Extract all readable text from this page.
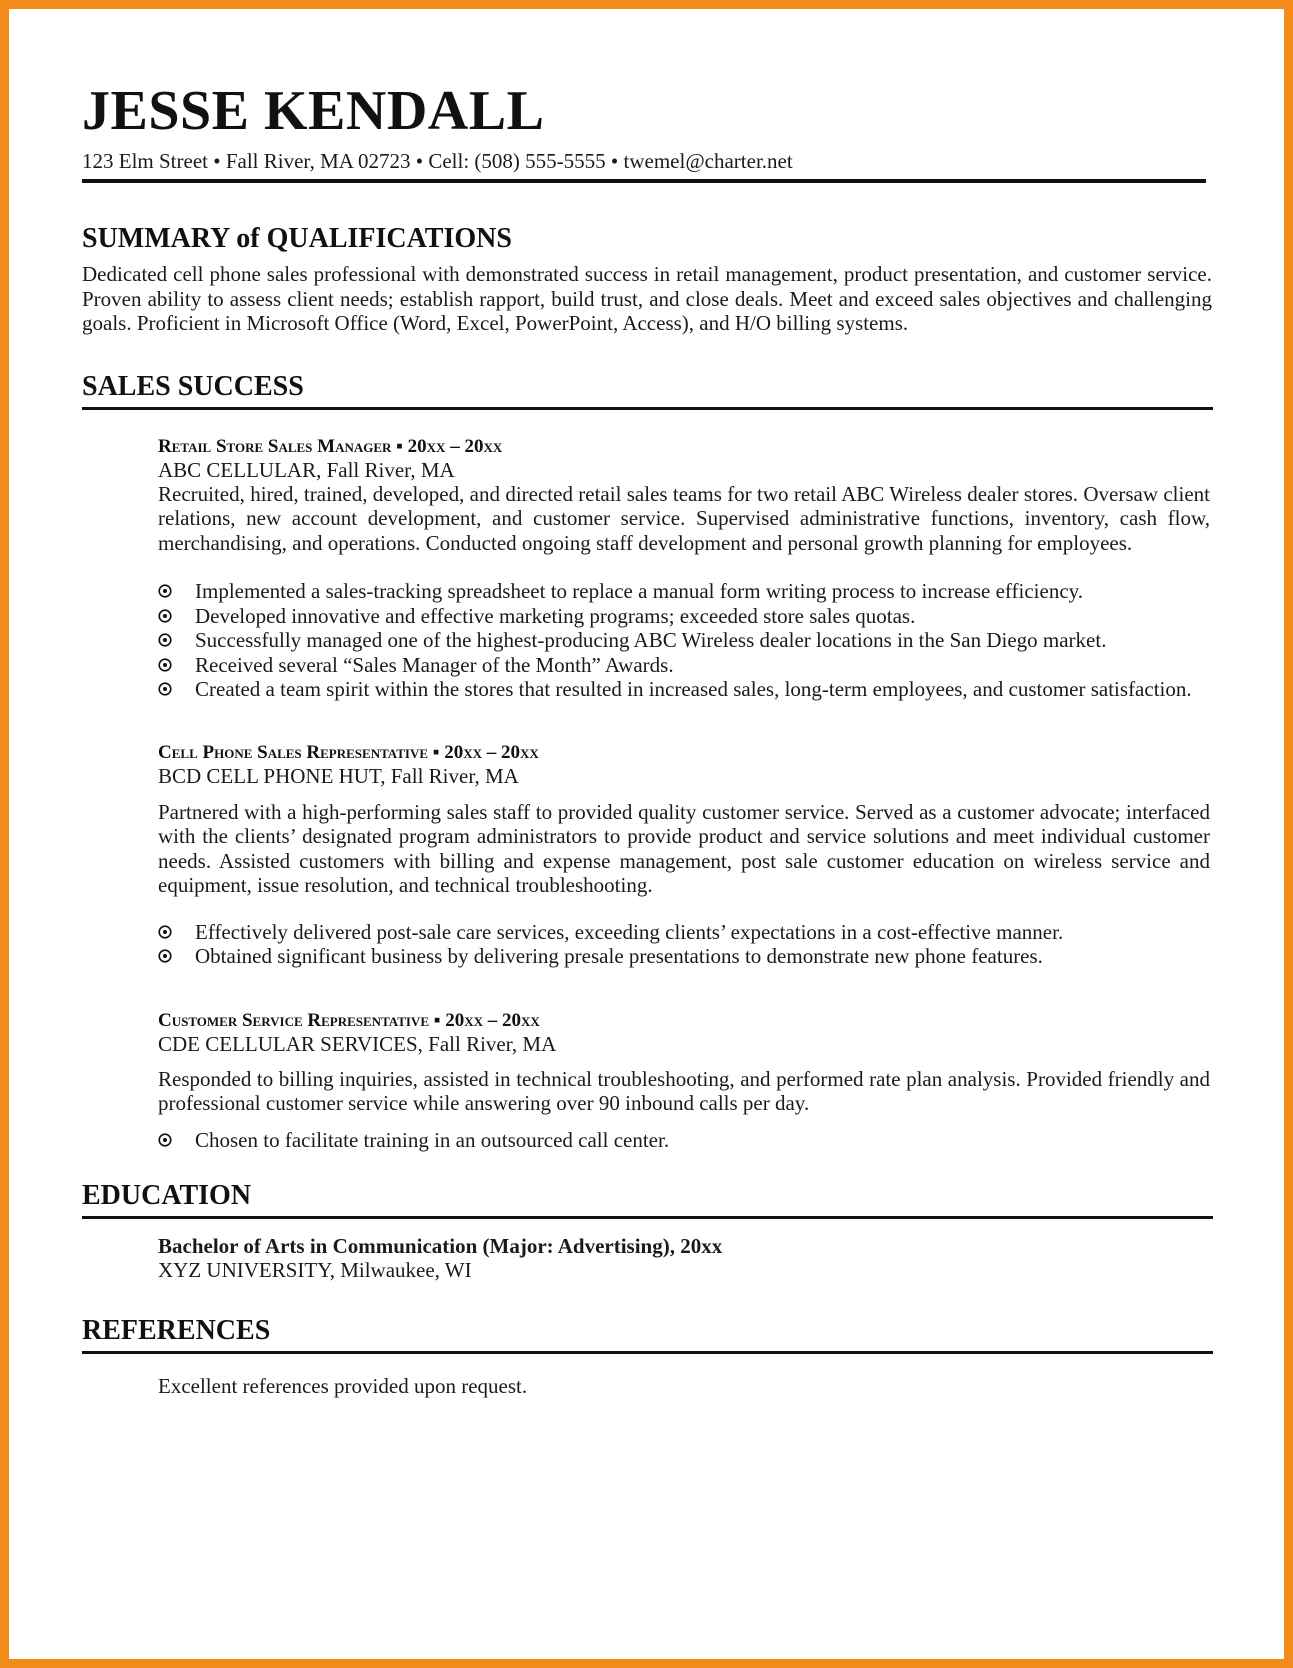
JESSE KENDALL
123 Elm Street • Fall River, MA 02723 • Cell: (508) 555-5555 • twemel@charter.net
SUMMARY of QUALIFICATIONS
Dedicated cell phone sales professional with demonstrated success in retail management, product presentation, and customer service. Proven ability to assess client needs; establish rapport, build trust, and close deals. Meet and exceed sales objectives and challenging goals. Proficient in Microsoft Office (Word, Excel, PowerPoint, Access), and H/O billing systems.
SALES SUCCESS
Retail Store Sales Manager ▪ 20xx – 20xx
ABC CELLULAR, Fall River, MA
Recruited, hired, trained, developed, and directed retail sales teams for two retail ABC Wireless dealer stores. Oversaw client relations, new account development, and customer service. Supervised administrative functions, inventory, cash flow, merchandising, and operations. Conducted ongoing staff development and personal growth planning for employees.
Implemented a sales-tracking spreadsheet to replace a manual form writing process to increase efficiency.
Developed innovative and effective marketing programs; exceeded store sales quotas.
Successfully managed one of the highest-producing ABC Wireless dealer locations in the San Diego market.
Received several “Sales Manager of the Month” Awards.
Created a team spirit within the stores that resulted in increased sales, long-term employees, and customer satisfaction.
Cell Phone Sales Representative ▪ 20xx – 20xx
BCD CELL PHONE HUT, Fall River, MA
Partnered with a high-performing sales staff to provided quality customer service. Served as a customer advocate; interfaced with the clients’ designated program administrators to provide product and service solutions and meet individual customer needs. Assisted customers with billing and expense management, post sale customer education on wireless service and equipment, issue resolution, and technical troubleshooting.
Effectively delivered post-sale care services, exceeding clients’ expectations in a cost-effective manner.
Obtained significant business by delivering presale presentations to demonstrate new phone features.
Customer Service Representative ▪ 20xx – 20xx
CDE CELLULAR SERVICES, Fall River, MA
Responded to billing inquiries, assisted in technical troubleshooting, and performed rate plan analysis. Provided friendly and professional customer service while answering over 90 inbound calls per day.
Chosen to facilitate training in an outsourced call center.
EDUCATION
Bachelor of Arts in Communication (Major: Advertising), 20xx
XYZ UNIVERSITY, Milwaukee, WI
REFERENCES
Excellent references provided upon request.
